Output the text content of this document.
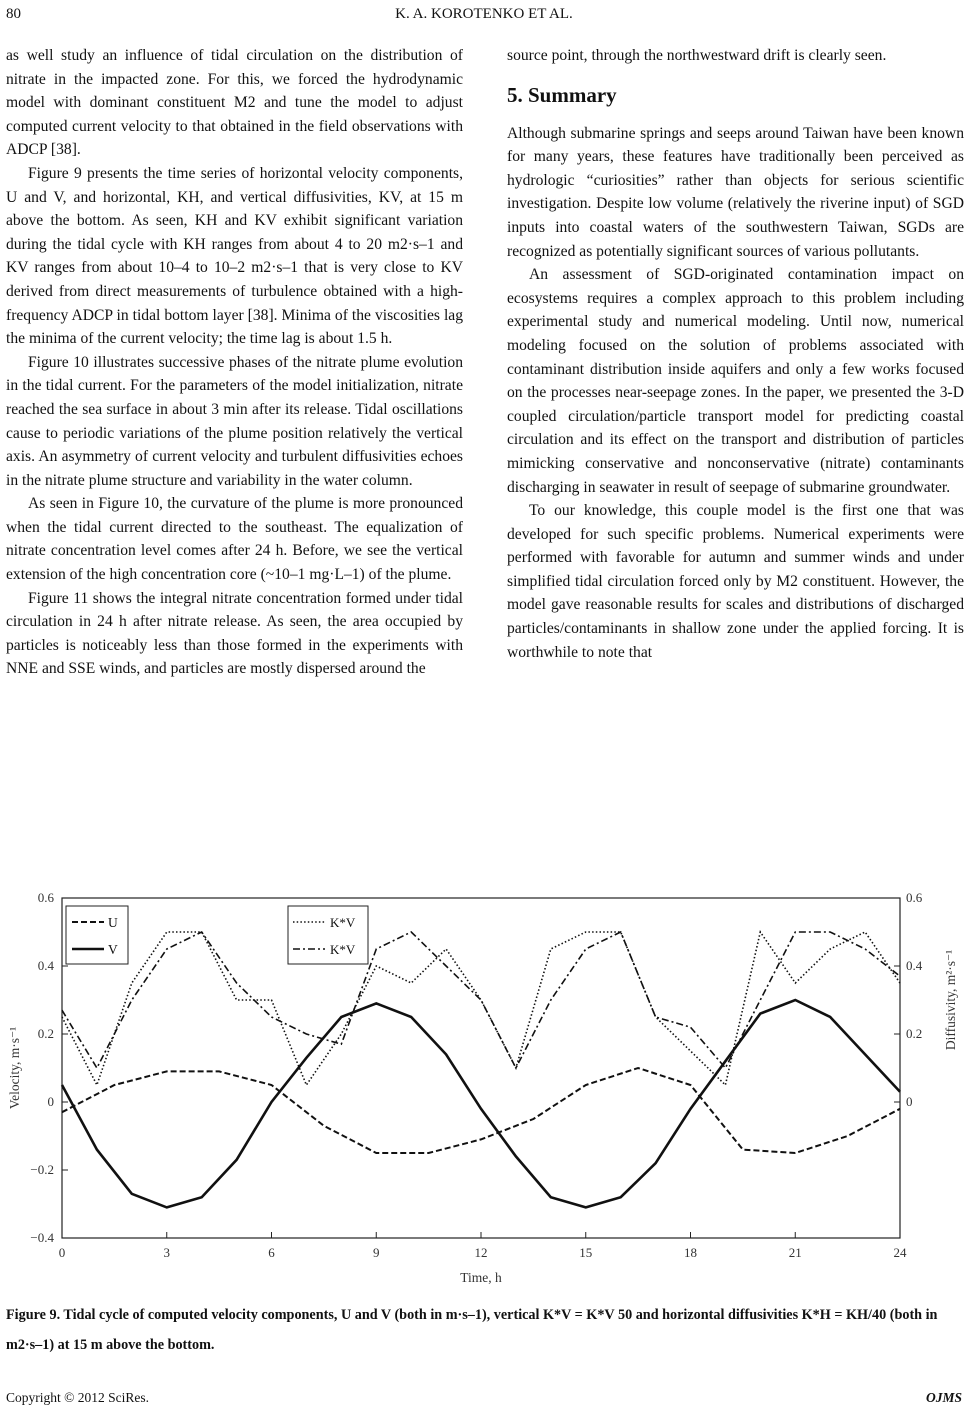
80	K. A. KOROTENKO ET AL.

as well study an influence of tidal circulation on the distribution of nitrate in the impacted zone. For this, we forced the hydrodynamic model with dominant constituent M2 and tune the model to adjust computed current velocity to that obtained in the field observations with ADCP [38].

Figure 9 presents the time series of horizontal velocity components, U and V, and horizontal, KH, and vertical diffusivities, KV, at 15 m above the bottom. As seen, KH and KV exhibit significant variation during the tidal cycle with KH ranges from about 4 to 20 m2·s–1 and KV ranges from about 10–4 to 10–2 m2·s–1 that is very close to KV derived from direct measurements of turbulence obtained with a high-frequency ADCP in tidal bottom layer [38]. Minima of the viscosities lag the minima of the current velocity; the time lag is about 1.5 h.

Figure 10 illustrates successive phases of the nitrate plume evolution in the tidal current. For the parameters of the model initialization, nitrate reached the sea surface in about 3 min after its release. Tidal oscillations cause to periodic variations of the plume position relatively the vertical axis. An asymmetry of current velocity and turbulent diffusivities echoes in the nitrate plume structure and variability in the water column.

As seen in Figure 10, the curvature of the plume is more pronounced when the tidal current directed to the southeast. The equalization of nitrate concentration level comes after 24 h. Before, we see the vertical extension of the high concentration core (~10–1 mg·L–1) of the plume.

Figure 11 shows the integral nitrate concentration formed under tidal circulation in 24 h after nitrate release. As seen, the area occupied by particles is noticeably less than those formed in the experiments with NNE and SSE winds, and particles are mostly dispersed around the

source point, through the northwestward drift is clearly seen.

5. Summary

Although submarine springs and seeps around Taiwan have been known for many years, these features have traditionally been perceived as hydrologic “curiosities” rather than objects for serious scientific investigation. Despite low volume (relatively the riverine input) of SGD inputs into coastal waters of the southwestern Taiwan, SGDs are recognized as potentially significant sources of various pollutants.

An assessment of SGD-originated contamination impact on ecosystems requires a complex approach to this problem including experimental study and numerical modeling. Until now, numerical modeling focused on the solution of problems associated with contaminant distribution inside aquifers and only a few works focused on the processes near-seepage zones. In the paper, we presented the 3-D coupled circulation/particle transport model for predicting coastal circulation and its effect on the transport and distribution of particles mimicking conservative and nonconservative (nitrate) contaminants discharging in seawater in result of seepage of submarine groundwater.

To our knowledge, this couple model is the first one that was developed for such specific problems. Numerical experiments were performed with favorable for autumn and summer winds and under simplified tidal circulation forced only by M2 constituent. However, the model gave reasonable results for scales and distributions of discharged particles/contaminants in shallow zone under the applied forcing. It is worthwhile to note that

0.6
0.4
0.2
0
−0.2
−0.4
0.6
0.4
0.2
0
0	3	6	9	12	15	18	21	24
Time, h
Velocity, m·s⁻¹
Diffusivity, m²·s⁻¹
U
V
K*V
K*V
Figure 9. Tidal cycle of computed velocity components, U and V (both in m·s–1), vertical K*V = K*V 50 and horizontal diffusivities K*H = KH/40 (both in m2·s–1) at 15 m above the bottom.
Copyright © 2012 SciRes.	OJMS
